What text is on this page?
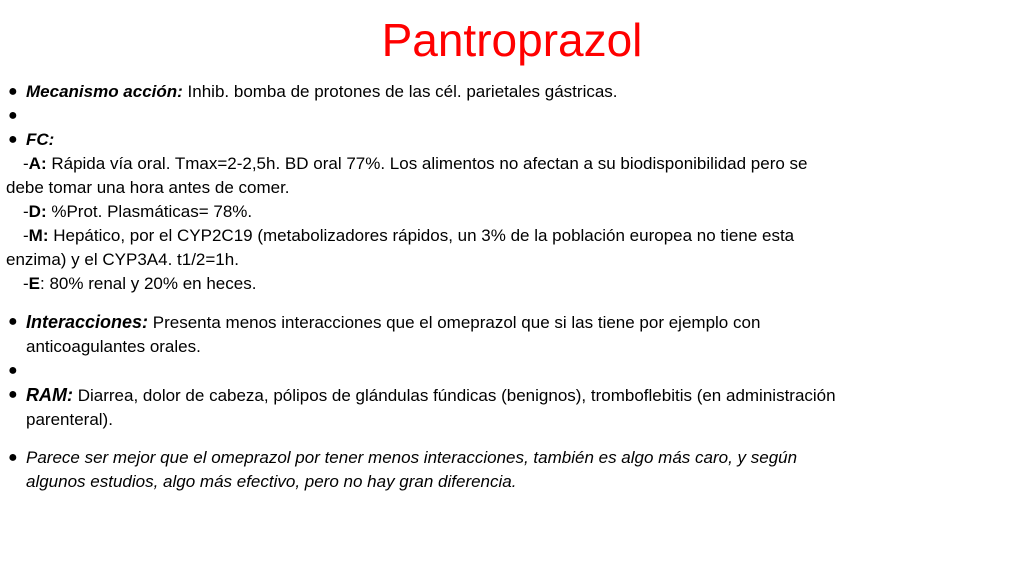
Pantroprazol
● Mecanismo acción: Inhib. bomba de protones de las cél. parietales gástricas.
●

● FC:
-A: Rápida vía oral. Tmax=2-2,5h. BD oral 77%. Los alimentos no afectan a su biodisponibilidad pero se
debe tomar una hora antes de comer.
-D: %Prot. Plasmáticas= 78%.
-M: Hepático, por el CYP2C19 (metabolizadores rápidos, un 3% de la población europea no tiene esta
enzima) y el CYP3A4. t1/2=1h.
-E: 80% renal y 20% en heces.
● Interacciones: Presenta menos interacciones que el omeprazol que si las tiene por ejemplo con
anticoagulantes orales.
●

● RAM: Diarrea, dolor de cabeza, pólipos de glándulas fúndicas (benignos), tromboflebitis (en administración
parenteral).
● Parece ser mejor que el omeprazol por tener menos interacciones, también es algo más caro, y según
algunos estudios, algo más efectivo, pero no hay gran diferencia.
